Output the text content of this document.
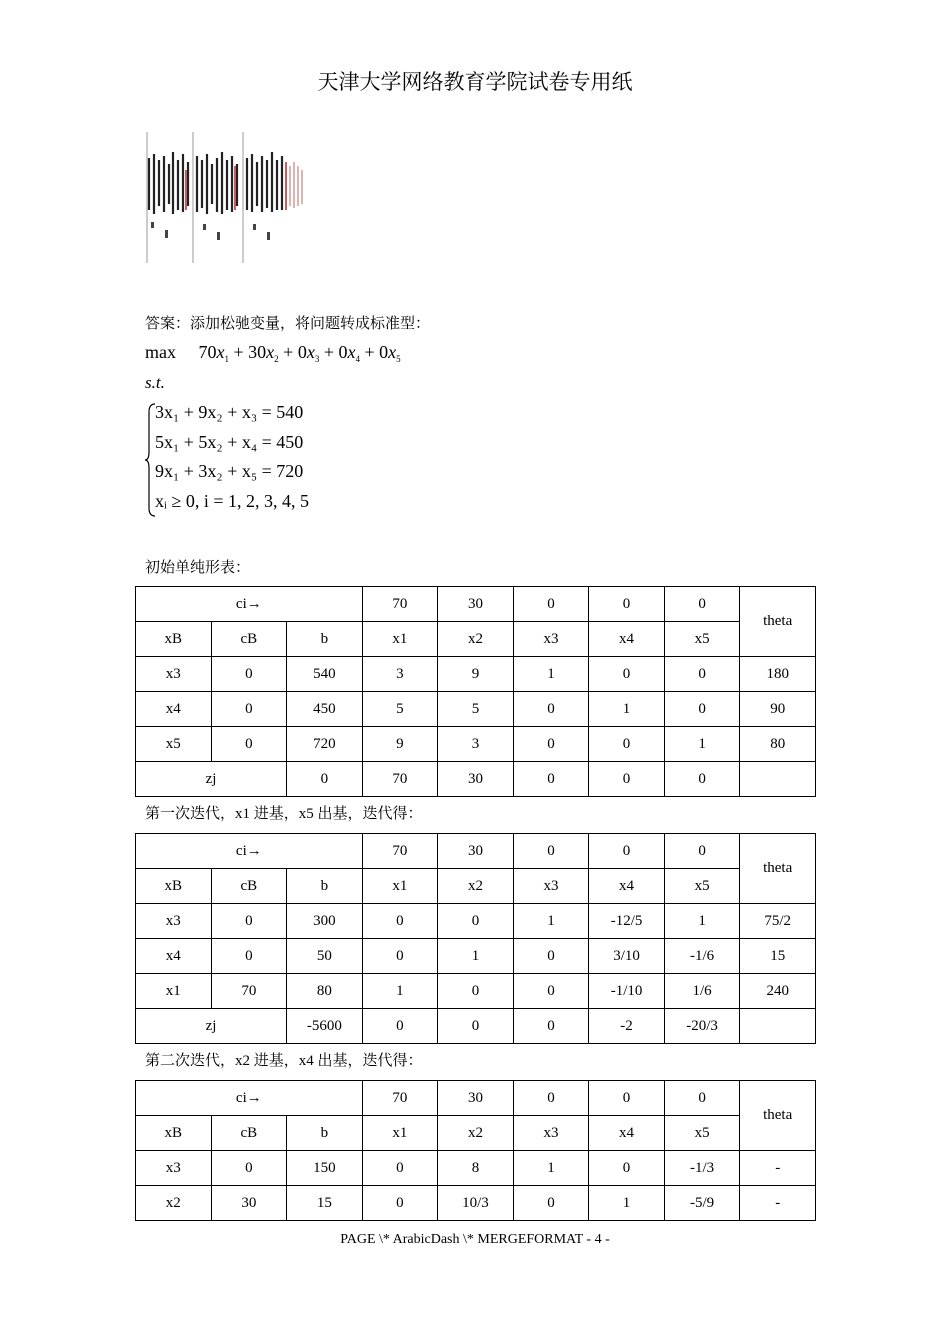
天津大学网络教育学院试卷专用纸
答案：添加松驰变量，将问题转成标准型：
$\max 70x_1 + 30x_2 + 0x_3 + 0x_4 + 0x_5$
s.t.
3x₁ + 9x₂ + x₃ = 540
5x₁ + 5x₂ + x₄ = 450
9x₁ + 3x₂ + x₅ = 720
xᵢ ≥ 0, i = 1, 2, 3, 4, 5
初始单纯形表：
ci→			70	30	0	0	0	theta
xB	cB	b	x1	x2	x3	x4	x5	
x3	0	540	3	9	1	0	0	180
x4	0	450	5	5	0	1	0	90
x5	0	720	9	3	0	0	1	80
zj		0	70	30	0	0	0	
第一次迭代，x1 进基，x5 出基，迭代得：
ci→			70	30	0	0	0	theta
xB	cB	b	x1	x2	x3	x4	x5	
x3	0	300	0	0	1	-12/5	1	75/2
x4	0	50	0	1	0	3/10	-1/6	15
x1	70	80	1	0	0	-1/10	1/6	240
zj		-5600	0	0	0	-2	-20/3	
第二次迭代，x2 进基，x4 出基，迭代得：
ci→			70	30	0	0	0	theta
xB	cB	b	x1	x2	x3	x4	x5	
x3	0	150	0	8	1	0	-1/3	-
x2	30	15	0	10/3	0	1	-5/9	-
PAGE \* ArabicDash \* MERGEFORMAT - 4 -
